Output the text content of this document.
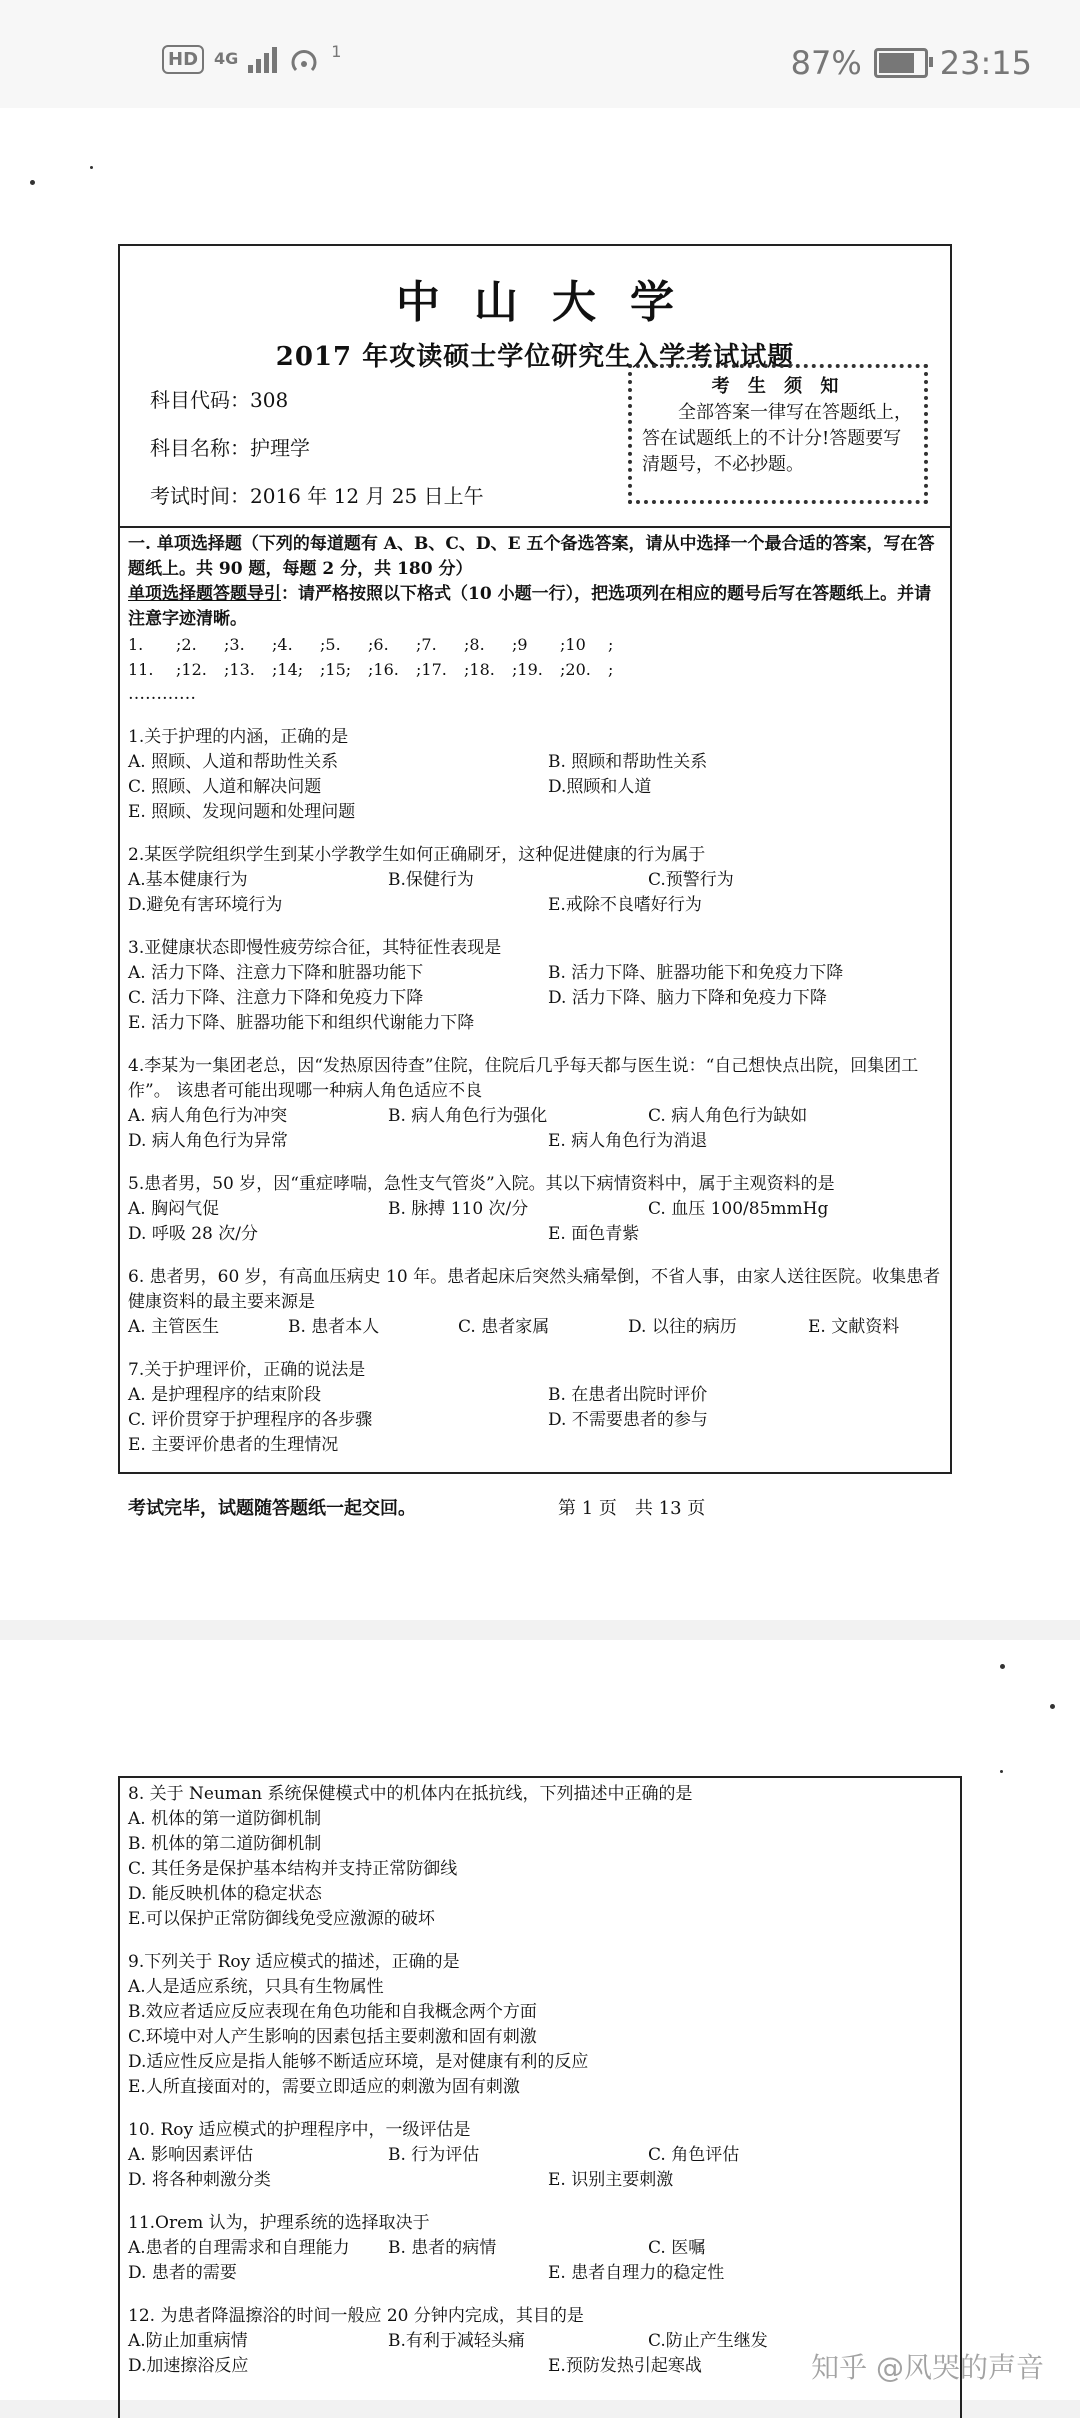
HD	4G	1	87% 23:15
中山大学
2017 年攻读硕士学位研究生入学考试试题
科目代码：308
科目名称：护理学
考试时间：2016 年 12 月 25 日上午
考 生 须 知
全部答案一律写在答题纸上，答在试题纸上的不计分!答题要写清题号，不必抄题。
一. 单项选择题（下列的每道题有 A、B、C、D、E 五个备选答案，请从中选择一个最合适的答案，写在答题纸上。共 90 题，每题 2 分，共 180 分）
单项选择题答题导引：请严格按照以下格式（10 小题一行），把选项列在相应的题号后写在答题纸上。并请注意字迹清晰。
1.	;2.	;3.	;4.	;5.	;6.	;7.	;8.	;9	;10	;
11.	;12.	;13.	;14;	;15;	;16.	;17.	;18.	;19.	;20.	;
…………
1.关于护理的内涵，正确的是
A. 照顾、人道和帮助性关系	B. 照顾和帮助性关系
C. 照顾、人道和解决问题	D.照顾和人道
E. 照顾、发现问题和处理问题
2.某医学院组织学生到某小学教学生如何正确刷牙，这种促进健康的行为属于
A.基本健康行为	B.保健行为	C.预警行为
D.避免有害环境行为	E.戒除不良嗜好行为
3.亚健康状态即慢性疲劳综合征，其特征性表现是
A. 活力下降、注意力下降和脏器功能下	B. 活力下降、脏器功能下和免疫力下降
C. 活力下降、注意力下降和免疫力下降	D. 活力下降、脑力下降和免疫力下降
E. 活力下降、脏器功能下和组织代谢能力下降
4.李某为一集团老总，因“发热原因待查”住院，住院后几乎每天都与医生说：“自己想快点出院，回集团工作”。 该患者可能出现哪一种病人角色适应不良
A. 病人角色行为冲突	B. 病人角色行为强化	C. 病人角色行为缺如
D. 病人角色行为异常	E. 病人角色行为消退
5.患者男，50 岁，因“重症哮喘，急性支气管炎”入院。其以下病情资料中，属于主观资料的是
A. 胸闷气促	B. 脉搏 110 次/分	C. 血压 100/85mmHg
D. 呼吸 28 次/分	E. 面色青紫
6. 患者男，60 岁，有高血压病史 10 年。患者起床后突然头痛晕倒，不省人事，由家人送往医院。收集患者健康资料的最主要来源是
A. 主管医生	B. 患者本人	C. 患者家属	D. 以往的病历	E. 文献资料
7.关于护理评价，正确的说法是
A. 是护理程序的结束阶段	B. 在患者出院时评价
C. 评价贯穿于护理程序的各步骤	D. 不需要患者的参与
E. 主要评价患者的生理情况
考试完毕，试题随答题纸一起交回。	第 1 页　共 13 页
8. 关于 Neuman 系统保健模式中的机体内在抵抗线，下列描述中正确的是
A. 机体的第一道防御机制
B. 机体的第二道防御机制
C. 其任务是保护基本结构并支持正常防御线
D. 能反映机体的稳定状态
E.可以保护正常防御线免受应激源的破坏
9.下列关于 Roy 适应模式的描述，正确的是
A.人是适应系统，只具有生物属性
B.效应者适应反应表现在角色功能和自我概念两个方面
C.环境中对人产生影响的因素包括主要刺激和固有刺激
D.适应性反应是指人能够不断适应环境，是对健康有利的反应
E.人所直接面对的，需要立即适应的刺激为固有刺激
10. Roy 适应模式的护理程序中，一级评估是
A. 影响因素评估	B. 行为评估	C. 角色评估
D. 将各种刺激分类	E. 识别主要刺激
11.Orem 认为，护理系统的选择取决于
A.患者的自理需求和自理能力	B. 患者的病情	C. 医嘱
D. 患者的需要	E. 患者自理力的稳定性
12. 为患者降温擦浴的时间一般应 20 分钟内完成，其目的是
A.防止加重病情	B.有利于减轻头痛	C.防止产生继发
D.加速擦浴反应	E.预防发热引起寒战	知乎 @风哭的声音
